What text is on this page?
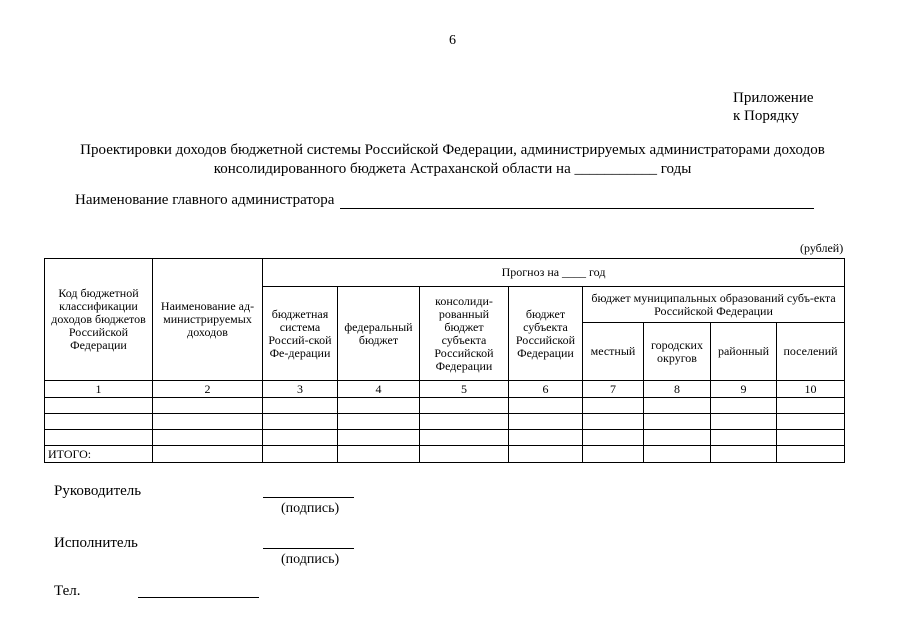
6
Приложение
к Порядку
Проектировки доходов бюджетной системы Российской Федерации, администрируемых администраторами доходов
консолидированного бюджета Астраханской области на ___________ годы
Наименование главного администратора
(рублей)
Код бюджетной классификации доходов бюджетов Российской Федерации	Наименование ад-министрируемых доходов	Прогноз на ____ год							
		бюджетная система Россий-ской Фе-дерации	федеральный бюджет	консолиди-рованный бюджет субъекта Российской Федерации	бюджет субъекта Российской Федерации	бюджет муниципальных образований субъ-екта Российской Федерации			
						местный	городских округов	районный	поселений
1	2	3	4	5	6	7	8	9	10

ИТОГО:									
Руководитель
(подпись)
Исполнитель
(подпись)
Тел.
